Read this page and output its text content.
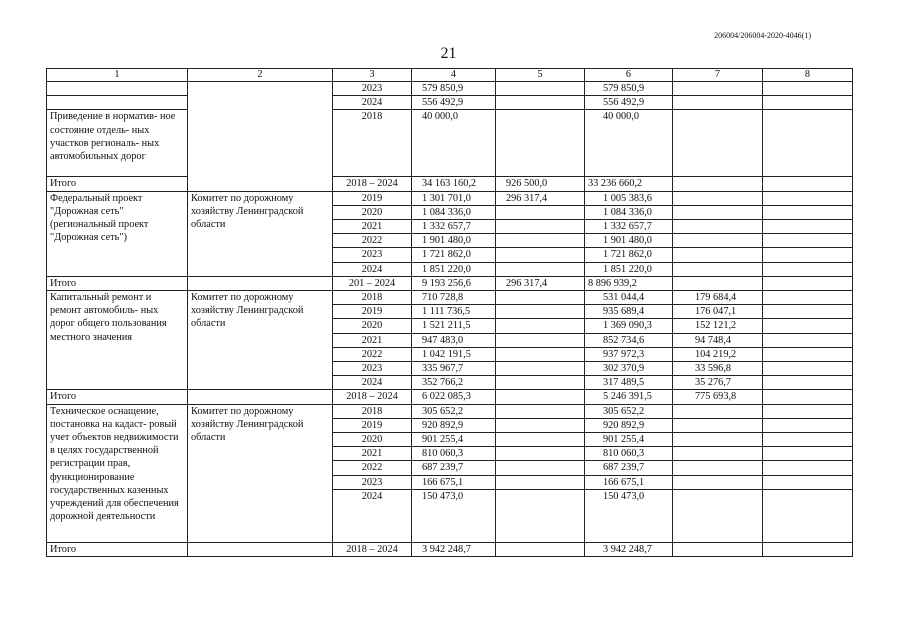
206004/206004-2020-4046(1)
21
1	2	3	4	5	6	7	8
		2023	579 850,9		579 850,9		
		2024	556 492,9		556 492,9		
Приведение в норматив- ное состояние отдель- ных участков региональ- ных автомобильных дорог		2018	40 000,0		40 000,0		
Итого		2018 – 2024	34 163 160,2	926 500,0	33 236 660,2		
Федеральный проект "Дорожная сеть" (региональный проект "Дорожная сеть")	Комитет по дорожному хозяйству Ленинградской области	2019	1 301 701,0	296 317,4	1 005 383,6		
		2020	1 084 336,0		1 084 336,0		
		2021	1 332 657,7		1 332 657,7		
		2022	1 901 480,0		1 901 480,0		
		2023	1 721 862,0		1 721 862,0		
		2024	1 851 220,0		1 851 220,0		
Итого		201 – 2024	9 193 256,6	296 317,4	8 896 939,2		
Капитальный ремонт и ремонт автомобиль- ных дорог общего пользования местного значения	Комитет по дорожному хозяйству Ленинградской области	2018	710 728,8		531 044,4	179 684,4	
		2019	1 111 736,5		935 689,4	176 047,1	
		2020	1 521 211,5		1 369 090,3	152 121,2	
		2021	947 483,0		852 734,6	94 748,4	
		2022	1 042 191,5		937 972,3	104 219,2	
		2023	335 967,7		302 370,9	33 596,8	
		2024	352 766,2		317 489,5	35 276,7	
Итого		2018 – 2024	6 022 085,3		5 246 391,5	775 693,8	
Техническое оснащение, постановка на кадаст- ровый учет объектов недвижимости в целях государственной регистрации прав, функционирование государственных казенных учреждений для обеспечения дорожной деятельности	Комитет по дорожному хозяйству Ленинградской области	2018	305 652,2		305 652,2		
		2019	920 892,9		920 892,9		
		2020	901 255,4		901 255,4		
		2021	810 060,3		810 060,3		
		2022	687 239,7		687 239,7		
		2023	166 675,1		166 675,1		
		2024	150 473,0		150 473,0		
Итого		2018 – 2024	3 942 248,7		3 942 248,7		
